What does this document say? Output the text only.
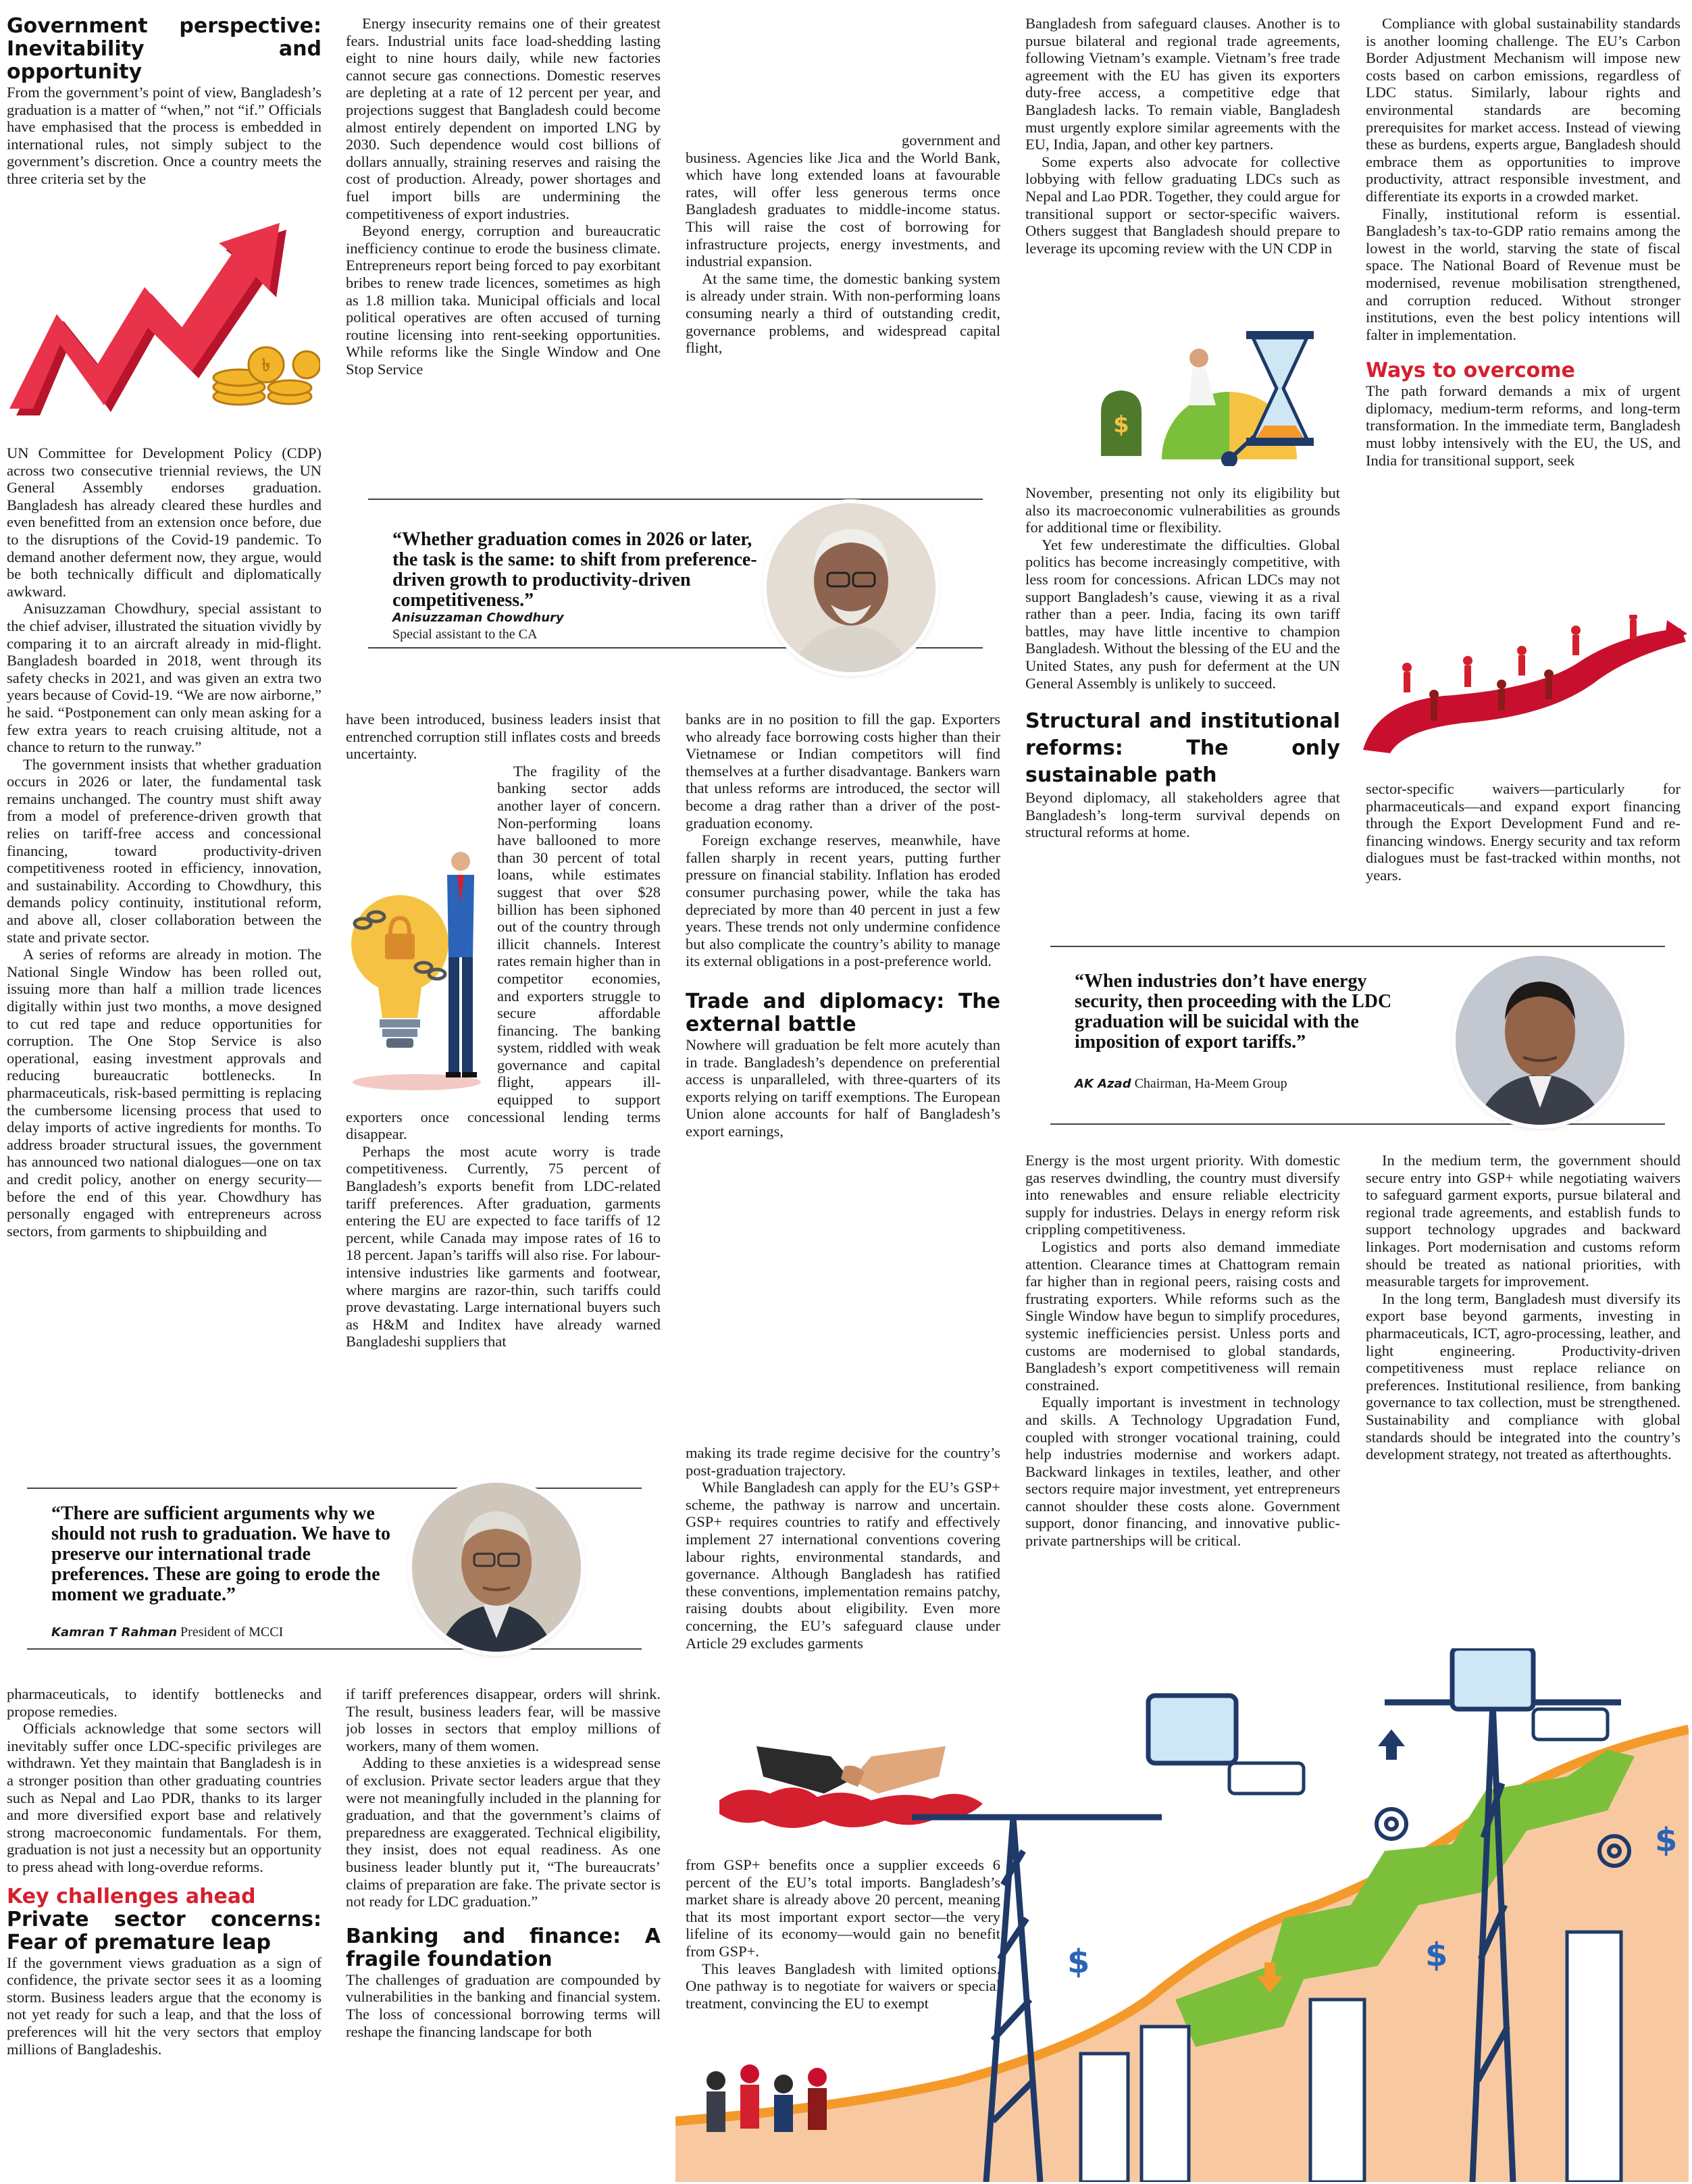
Government perspective: Inevitability and opportunity

From the government’s point of view, Bangladesh’s graduation is a matter of “when,” not “if.” Officials have emphasised that the process is embedded in international rules, not simply subject to the government’s discretion. Once a country meets the three criteria set by the

৳

UN Committee for Development Policy (CDP) across two consecutive triennial reviews, the UN General Assembly endorses graduation. Bangladesh has already cleared these hurdles and even benefitted from an extension once before, due to the disruptions of the Covid-19 pandemic. To demand another deferment now, they argue, would be both technically difficult and diplomatically awkward.

Anisuzzaman Chowdhury, special assistant to the chief adviser, illustrated the situation vividly by comparing it to an aircraft already in mid-flight. Bangladesh boarded in 2018, went through its safety checks in 2021, and was given an extra two years because of Covid-19. “We are now airborne,” he said. “Postponement can only mean asking for a few extra years to reach cruising altitude, not a chance to return to the runway.”

The government insists that whether graduation occurs in 2026 or later, the fundamental task remains unchanged. The country must shift away from a model of preference-driven growth that relies on tariff-free access and concessional financing, toward productivity-driven competitiveness rooted in efficiency, innovation, and sustainability. According to Chowdhury, this demands policy continuity, institutional reform, and above all, closer collaboration between the state and private sector.

A series of reforms are already in motion. The National Single Window has been rolled out, issuing more than half a million trade licences digitally within just two months, a move designed to cut red tape and reduce opportunities for corruption. The One Stop Service is also operational, easing investment approvals and reducing bureaucratic bottlenecks. In pharmaceuticals, risk-based permitting is replacing the cumbersome licensing process that used to delay imports of active ingredients for months. To address broader structural issues, the government has announced two national dialogues—one on tax and credit policy, another on energy security—before the end of this year. Chowdhury has personally engaged with entrepreneurs across sectors, from garments to shipbuilding and

“There are sufficient arguments why we should not rush to graduation. We have to preserve our international trade preferences. These are going to erode the moment we graduate.”
Kamran T Rahman President of MCCI

pharmaceuticals, to identify bottlenecks and propose remedies.

Officials acknowledge that some sectors will inevitably suffer once LDC-specific privileges are withdrawn. Yet they maintain that Bangladesh is in a stronger position than other graduating countries such as Nepal and Lao PDR, thanks to its larger and more diversified export base and relatively strong macroeconomic fundamentals. For them, graduation is not just a necessity but an opportunity to press ahead with long-overdue reforms.

Key challenges ahead
Private sector concerns: Fear of premature leap

If the government views graduation as a sign of confidence, the private sector sees it as a looming storm. Business leaders argue that the economy is not yet ready for such a leap, and that the loss of preferences will hit the very sectors that employ millions of Bangladeshis.

Energy insecurity remains one of their greatest fears. Industrial units face load-shedding lasting eight to nine hours daily, while new factories cannot secure gas connections. Domestic reserves are depleting at a rate of 12 percent per year, and projections suggest that Bangladesh could become almost entirely dependent on imported LNG by 2030. Such dependence would cost billions of dollars annually, straining reserves and raising the cost of production. Already, power shortages and fuel import bills are undermining the competitiveness of export industries.

Beyond energy, corruption and bureaucratic inefficiency continue to erode the business climate. Entrepreneurs report being forced to pay exorbitant bribes to renew trade licences, sometimes as high as 1.8 million taka. Municipal officials and local political operatives are often accused of turning routine licensing into rent-seeking opportunities. While reforms like the Single Window and One Stop Service

“Whether graduation comes in 2026 or later, the task is the same: to shift from preference-driven growth to productivity-driven competitiveness.”
Anisuzzaman Chowdhury
Special assistant to the CA

have been introduced, business leaders insist that entrenched corruption still inflates costs and breeds uncertainty.

The fragility of the banking sector adds another layer of concern. Non-performing loans have ballooned to more than 30 percent of total loans, while estimates suggest that over $28 billion has been siphoned out of the country through illicit channels. Interest rates remain higher than in competitor economies, and exporters struggle to secure affordable financing. The banking system, riddled with weak governance and capital flight, appears ill-equipped to support exporters once concessional lending terms disappear.

Perhaps the most acute worry is trade competitiveness. Currently, 75 percent of Bangladesh’s exports benefit from LDC-related tariff preferences. After graduation, garments entering the EU are expected to face tariffs of 12 percent, while Canada may impose rates of 16 to 18 percent. Japan’s tariffs will also rise. For labour-intensive industries like garments and footwear, where margins are razor-thin, such tariffs could prove devastating. Large international buyers such as H&M and Inditex have already warned Bangladeshi suppliers that

if tariff preferences disappear, orders will shrink. The result, business leaders fear, will be massive job losses in sectors that employ millions of workers, many of them women.

Adding to these anxieties is a widespread sense of exclusion. Private sector leaders argue that they were not meaningfully included in the planning for graduation, and that the government’s claims of preparedness are exaggerated. Technical eligibility, they insist, does not equal readiness. As one business leader bluntly put it, “The bureaucrats’ claims of preparation are fake. The private sector is not ready for LDC graduation.”

Banking and finance: A fragile foundation

The challenges of graduation are compounded by vulnerabilities in the banking and financial system. The loss of concessional borrowing terms will reshape the financing landscape for both

government and business. Agencies like Jica and the World Bank, which have long extended loans at favourable rates, will offer less generous terms once Bangladesh graduates to middle-income status. This will raise the cost of borrowing for infrastructure projects, energy investments, and industrial expansion.

At the same time, the domestic banking system is already under strain. With non-performing loans consuming nearly a third of outstanding credit, governance problems, and widespread capital flight,

banks are in no position to fill the gap. Exporters who already face borrowing costs higher than their Vietnamese or Indian competitors will find themselves at a further disadvantage. Bankers warn that unless reforms are introduced, the sector will become a drag rather than a driver of the post-graduation economy.

Foreign exchange reserves, meanwhile, have fallen sharply in recent years, putting further pressure on financial stability. Inflation has eroded consumer purchasing power, while the taka has depreciated by more than 40 percent in just a few years. These trends not only undermine confidence but also complicate the country’s ability to manage its external obligations in a post-preference world.

Trade and diplomacy: The external battle

Nowhere will graduation be felt more acutely than in trade. Bangladesh’s dependence on preferential access is unparalleled, with three-quarters of its exports relying on tariff exemptions. The European Union alone accounts for half of Bangladesh’s export earnings,

making its trade regime decisive for the country’s post-graduation trajectory.

While Bangladesh can apply for the EU’s GSP+ scheme, the pathway is narrow and uncertain. GSP+ requires countries to ratify and effectively implement 27 international conventions covering labour rights, environmental standards, and governance. Although Bangladesh has ratified these conventions, implementation remains patchy, raising doubts about eligibility. Even more concerning, the EU’s safeguard clause under Article 29 excludes garments

from GSP+ benefits once a supplier exceeds 6 percent of the EU’s total imports. Bangladesh’s market share is already above 20 percent, meaning that its most important export sector—the very lifeline of its economy—would gain no benefit from GSP+.

This leaves Bangladesh with limited options. One pathway is to negotiate for waivers or special treatment, convincing the EU to exempt

Bangladesh from safeguard clauses. Another is to pursue bilateral and regional trade agreements, following Vietnam’s example. Vietnam’s free trade agreement with the EU has given its exporters duty-free access, a competitive edge that Bangladesh lacks. To remain viable, Bangladesh must urgently explore similar agreements with the EU, India, Japan, and other key partners.

Some experts also advocate for collective lobbying with fellow graduating LDCs such as Nepal and Lao PDR. Together, they could argue for transitional support or sector-specific waivers. Others suggest that Bangladesh should prepare to leverage its upcoming review with the UN CDP in

$

November, presenting not only its eligibility but also its macroeconomic vulnerabilities as grounds for additional time or flexibility.

Yet few underestimate the difficulties. Global politics has become increasingly competitive, with less room for concessions. African LDCs may not support Bangladesh’s cause, viewing it as a rival rather than a peer. India, facing its own tariff battles, may have little incentive to champion Bangladesh. Without the blessing of the EU and the United States, any push for deferment at the UN General Assembly is unlikely to succeed.

Structural and institutional reforms: The only sustainable path

Beyond diplomacy, all stakeholders agree that Bangladesh’s long-term survival depends on structural reforms at home.

“When industries don’t have energy security, then proceeding with the LDC graduation will be suicidal with the imposition of export tariffs.”
AK Azad Chairman, Ha-Meem Group

Energy is the most urgent priority. With domestic gas reserves dwindling, the country must diversify into renewables and ensure reliable electricity supply for industries. Delays in energy reform risk crippling competitiveness.

Logistics and ports also demand immediate attention. Clearance times at Chattogram remain far higher than in regional peers, raising costs and frustrating exporters. While reforms such as the Single Window have begun to simplify procedures, systemic inefficiencies persist. Unless ports and customs are modernised to global standards, Bangladesh’s export competitiveness will remain constrained.

Equally important is investment in technology and skills. A Technology Upgradation Fund, coupled with stronger vocational training, could help industries modernise and workers adapt. Backward linkages in textiles, leather, and other sectors require major investment, yet entrepreneurs cannot shoulder these costs alone. Government support, donor financing, and innovative public-private partnerships will be critical.

Compliance with global sustainability standards is another looming challenge. The EU’s Carbon Border Adjustment Mechanism will impose new costs based on carbon emissions, regardless of LDC status. Similarly, labour rights and environmental standards are becoming prerequisites for market access. Instead of viewing these as burdens, experts argue, Bangladesh should embrace them as opportunities to improve productivity, attract responsible investment, and differentiate its exports in a crowded market.

Finally, institutional reform is essential. Bangladesh’s tax-to-GDP ratio remains among the lowest in the world, starving the state of fiscal space. The National Board of Revenue must be modernised, revenue mobilisation strengthened, and corruption reduced. Without stronger institutions, even the best policy intentions will falter in implementation.

Ways to overcome

The path forward demands a mix of urgent diplomacy, medium-term reforms, and long-term transformation. In the immediate term, Bangladesh must lobby intensively with the EU, the US, and India for transitional support, seek

sector-specific waivers—particularly for pharmaceuticals—and expand export financing through the Export Development Fund and re-financing windows. Energy security and tax reform dialogues must be fast-tracked within months, not years.

In the medium term, the government should secure entry into GSP+ while negotiating waivers to safeguard garment exports, pursue bilateral and regional trade agreements, and establish funds to support technology upgrades and backward linkages. Port modernisation and customs reform should be treated as national priorities, with measurable targets for improvement.

In the long term, Bangladesh must diversify its export base beyond garments, investing in pharmaceuticals, ICT, agro-processing, leather, and light engineering. Productivity-driven competitiveness must replace reliance on preferences. Institutional resilience, from banking governance to tax collection, must be strengthened. Sustainability and compliance with global standards should be integrated into the country’s development strategy, not treated as afterthoughts.

$	$
$
